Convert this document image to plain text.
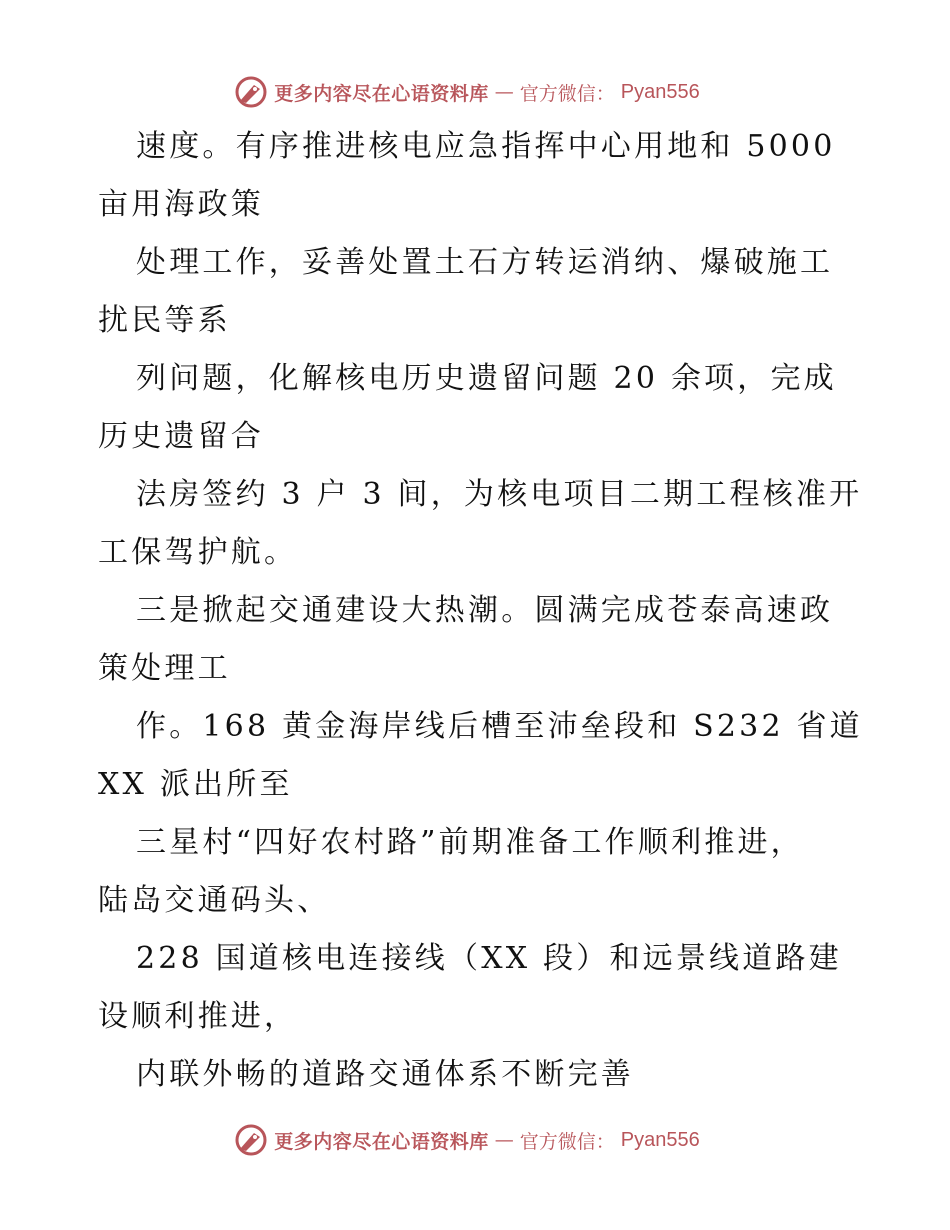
更多内容尽在心语资料库 — 官方微信： Pyan556
速度。有序推进核电应急指挥中心用地和 5000
亩用海政策
处理工作，妥善处置土石方转运消纳、爆破施工
扰民等系
列问题，化解核电历史遗留问题 20 余项，完成
历史遗留合
法房签约 3 户 3 间，为核电项目二期工程核准开
工保驾护航。
三是掀起交通建设大热潮。圆满完成苍泰高速政
策处理工
作。168 黄金海岸线后槽至沛垒段和 S232 省道
XX 派出所至
三星村“四好农村路”前期准备工作顺利推进，
陆岛交通码头、
228 国道核电连接线（XX 段）和远景线道路建
设顺利推进，
内联外畅的道路交通体系不断完善
更多内容尽在心语资料库 — 官方微信： Pyan556
